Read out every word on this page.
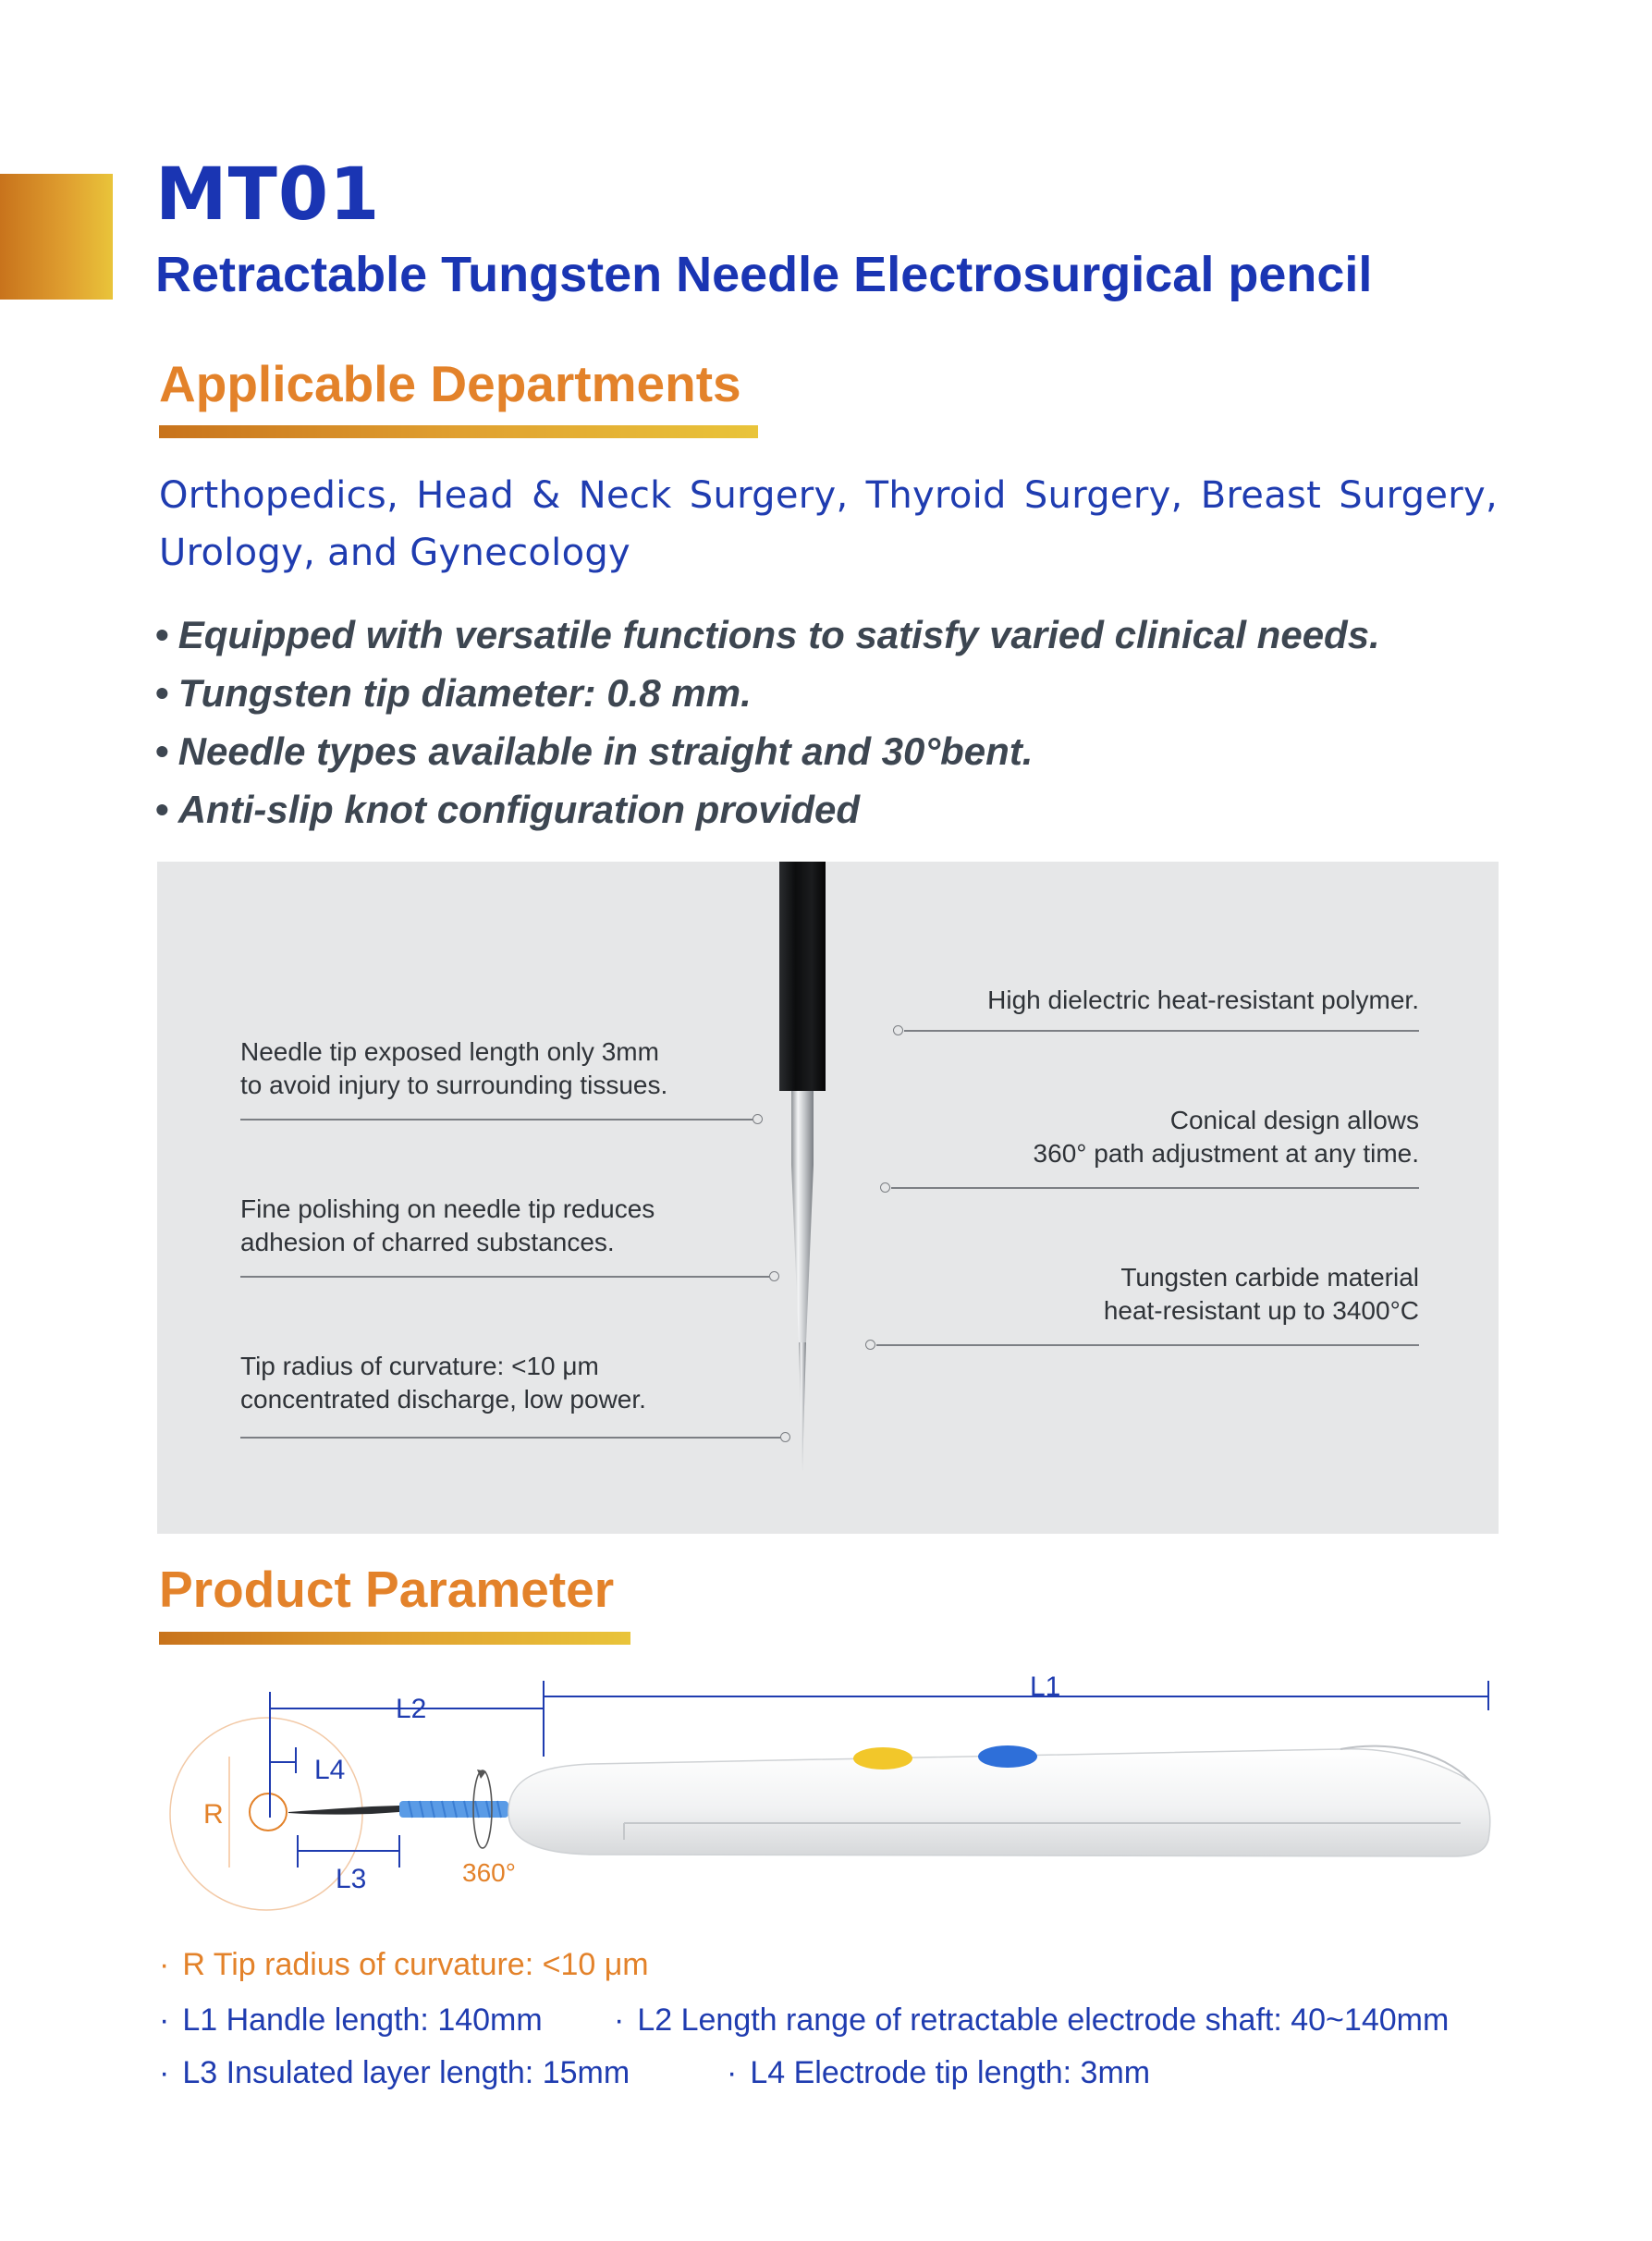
MT01
Retractable Tungsten Needle Electrosurgical pencil
Applicable Departments

Orthopedics, Head & Neck Surgery, Thyroid Surgery, Breast Surgery, Urology, and Gynecology

• Equipped with versatile functions to satisfy varied clinical needs.
• Tungsten tip diameter: 0.8 mm.
• Needle types available in straight and 30°bent.
• Anti-slip knot configuration provided
Needle tip exposed length only 3mm
to avoid injury to surrounding tissues.
Fine polishing on needle tip reduces
adhesion of charred substances.
Tip radius of curvature: <10 μm
concentrated discharge, low power.
High dielectric heat-resistant polymer.
Conical design allows
360° path adjustment at any time.
Tungsten carbide material
heat-resistant up to 3400°C
Product Parameter
L1
L2
L4
L3
R
360°
· R Tip radius of curvature: <10 μm
· L1 Handle length: 140mm · L2 Length range of retractable electrode shaft: 40~140mm
· L3 Insulated layer length: 15mm	· L4 Electrode tip length: 3mm
